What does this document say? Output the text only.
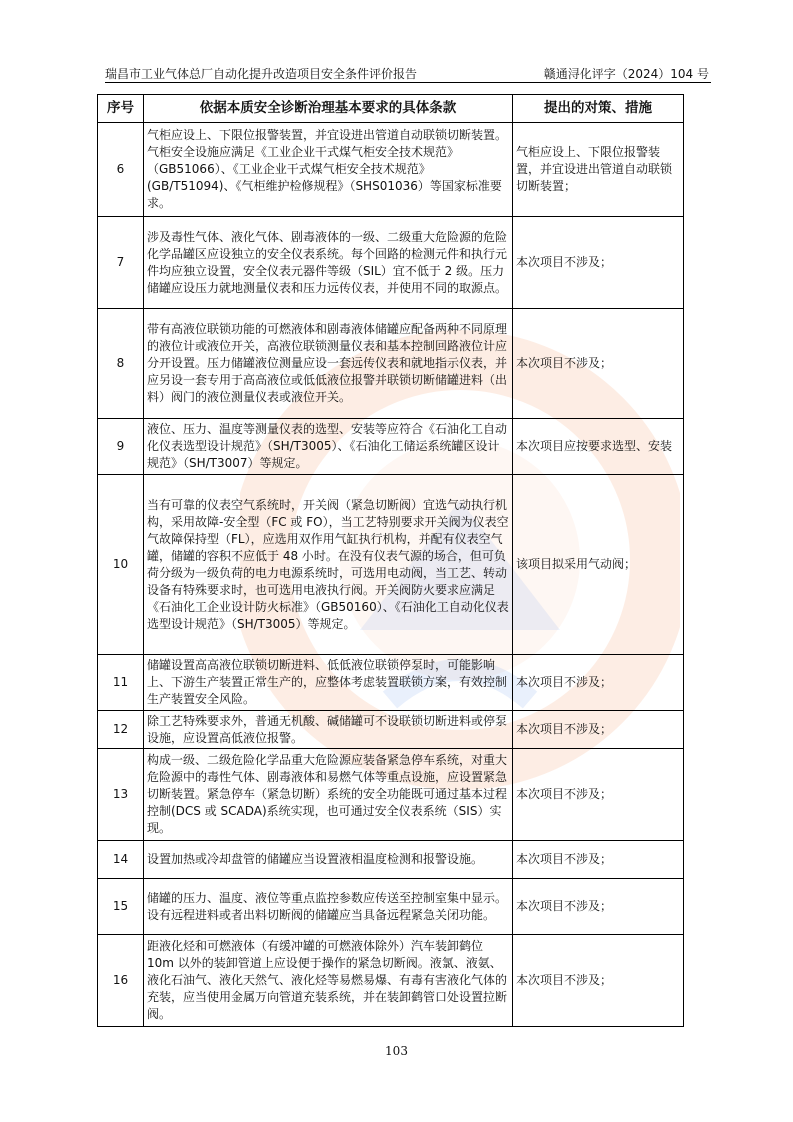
瑞昌市工业气体总厂自动化提升改造项目安全条件评价报告	赣通浔化评字（2024）104 号
序号	依据本质安全诊断治理基本要求的具体条款	提出的对策、措施
6	气柜应设上、下限位报警装置，并宜设进出管道自动联锁切断装置。气柜安全设施应满足《工业企业干式煤气柜安全技术规范》（GB51066）、《工业企业干式煤气柜安全技术规范》(GB/T51094)、《气柜维护检修规程》（SHS01036）等国家标准要求。	气柜应设上、下限位报警装置，并宜设进出管道自动联锁切断装置；
7	涉及毒性气体、液化气体、剧毒液体的一级、二级重大危险源的危险化学品罐区应设独立的安全仪表系统。每个回路的检测元件和执行元件均应独立设置，安全仪表元器件等级（SIL）宜不低于 2 级。压力储罐应设压力就地测量仪表和压力远传仪表，并使用不同的取源点。	本次项目不涉及；
8	带有高液位联锁功能的可燃液体和剧毒液体储罐应配备两种不同原理的液位计或液位开关，高液位联锁测量仪表和基本控制回路液位计应分开设置。压力储罐液位测量应设一套远传仪表和就地指示仪表，并应另设一套专用于高高液位或低低液位报警并联锁切断储罐进料（出料）阀门的液位测量仪表或液位开关。	本次项目不涉及；
9	液位、压力、温度等测量仪表的选型、安装等应符合《石油化工自动化仪表选型设计规范》（SH/T3005）、《石油化工储运系统罐区设计规范》（SH/T3007）等规定。	本次项目应按要求选型、安装
10	当有可靠的仪表空气系统时，开关阀（紧急切断阀）宜选气动执行机构，采用故障-安全型（FC 或 FO），当工艺特别要求开关阀为仪表空气故障保持型（FL），应选用双作用气缸执行机构，并配有仪表空气罐，储罐的容积不应低于 48 小时。在没有仪表气源的场合，但可负荷分级为一级负荷的电力电源系统时，可选用电动阀，当工艺、转动设备有特殊要求时，也可选用电液执行阀。开关阀防火要求应满足《石油化工企业设计防火标准》（GB50160）、《石油化工自动化仪表选型设计规范》（SH/T3005）等规定。	该项目拟采用气动阀；
11	储罐设置高高液位联锁切断进料、低低液位联锁停泵时，可能影响上、下游生产装置正常生产的，应整体考虑装置联锁方案，有效控制生产装置安全风险。	本次项目不涉及；
12	除工艺特殊要求外，普通无机酸、碱储罐可不设联锁切断进料或停泵设施，应设置高低液位报警。	本次项目不涉及；
13	构成一级、二级危险化学品重大危险源应装备紧急停车系统，对重大危险源中的毒性气体、剧毒液体和易燃气体等重点设施，应设置紧急切断装置。紧急停车（紧急切断）系统的安全功能既可通过基本过程控制(DCS 或 SCADA)系统实现，也可通过安全仪表系统（SIS）实现。	本次项目不涉及；
14	设置加热或冷却盘管的储罐应当设置液相温度检测和报警设施。	本次项目不涉及；
15	储罐的压力、温度、液位等重点监控参数应传送至控制室集中显示。设有远程进料或者出料切断阀的储罐应当具备远程紧急关闭功能。	本次项目不涉及；
16	距液化烃和可燃液体（有缓冲罐的可燃液体除外）汽车装卸鹤位 10m 以外的装卸管道上应设便于操作的紧急切断阀。液氯、液氨、液化石油气、液化天然气、液化烃等易燃易爆、有毒有害液化气体的充装，应当使用金属万向管道充装系统，并在装卸鹤管口处设置拉断阀。	本次项目不涉及；
103
